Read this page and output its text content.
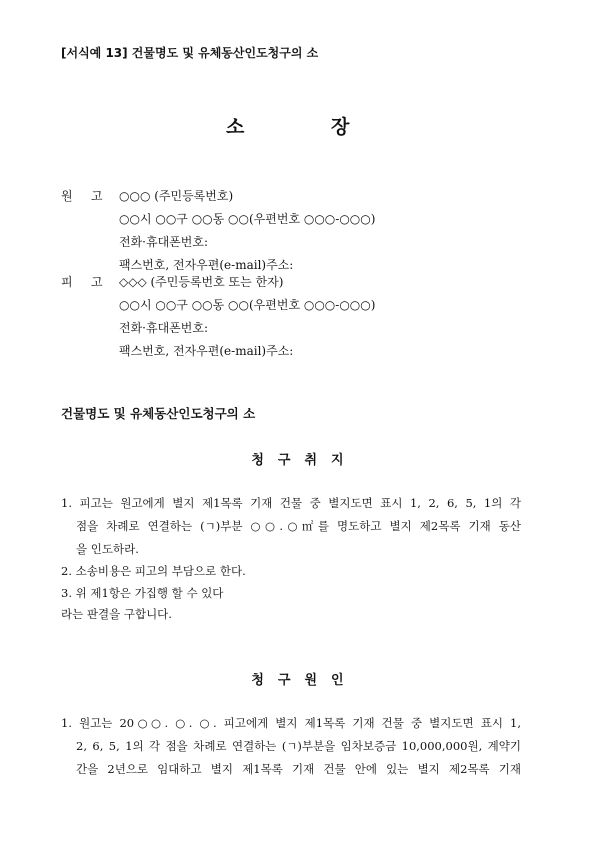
[서식예 13] 건물명도 및 유체동산인도청구의 소
소	장
원 고 ○○○ (주민등록번호)
○○시 ○○구 ○○동 ○○(우편번호 ○○○-○○○)
전화·휴대폰번호:
팩스번호, 전자우편(e-mail)주소:
피 고 ◇◇◇ (주민등록번호 또는 한자)
○○시 ○○구 ○○동 ○○(우편번호 ○○○-○○○)
전화·휴대폰번호:
팩스번호, 전자우편(e-mail)주소:
건물명도 및 유체동산인도청구의 소
청구취지
1. 피고는 원고에게 별지 제1목록 기재 건물 중 별지도면 표시 1, 2, 6, 5, 1의 각
점을 차례로 연결하는 (ㄱ)부분 ○○.○㎡를 명도하고 별지 제2목록 기재 동산
을 인도하라.
2. 소송비용은 피고의 부담으로 한다.
3. 위 제1항은 가집행 할 수 있다
라는 판결을 구합니다.
청구원인
1. 원고는 20○○. ○. ○. 피고에게 별지 제1목록 기재 건물 중 별지도면 표시 1,
2, 6, 5, 1의 각 점을 차례로 연결하는 (ㄱ)부분을 임차보증금 10,000,000원, 계약기
간을 2년으로 임대하고 별지 제1목록 기재 건물 안에 있는 별지 제2목록 기재
